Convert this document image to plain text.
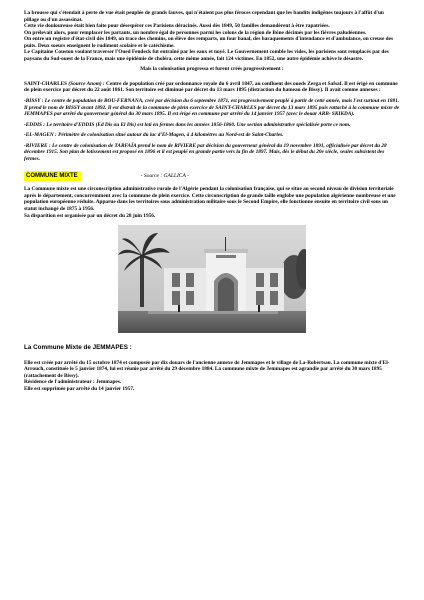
La brousse qui s'étendait à perte de vue était peuplée de grands fauves, qui n'étaient pas plus féroces cependant que les bandits indigènes toujours à l'affût d'un pillage ou d'un assassinat.

Cette vie douloureuse était bien faite pour désespérer ces Parisiens déracinés. Aussi dès 1849, 50 familles demandèrent à être rapatriées.

On prélevait alors, pour remplacer les partants, un nombre égal de personnes parmi les colons de la région de Bône décimés par les fièvres paludéennes.

On entre un registre d'état-civil dès 1849, on trace des chemins, on élève des remparts, un four banal, des baraquements d'intendance et d'ambulance, on creuse des puits. Deux soeurs enseignent le rudiment scolaire et le catéchisme.

Le Capitaine Couston voulant traverser l'Oued Fendeck fut entraîné par les eaux et noyé. Le Gouvernement comble les vides, les parisiens sont remplacés par des paysans du Sud-ouest de la France, mais une épidémie de choléra, cette même année, fait 124 victimes. En 1852, une autre épidémie achève le désastre.

Mais la colonisation progressa et furent créés progressivement :

SAINT-CHARLES (Source Anom) : Centre de population créé par ordonnance royale du 6 avril 1847, au confluent des oueds Zerga et Safsaf. Il est érigé en commune de plein exercice par décret du 22 août 1861. Son territoire est diminué par décret du 13 mars 1895 (distraction du hameau de Bissy). Il avait comme annexes :

-BISSY : Le centre de population de BOU-FERNANA, créé par décision du 6 septembre 1871, est progressivement peuplé à partir de cette année, mais l'est surtout en 1881. Il prend le nom de BISSY avant 1892. Il est distrait de la commune de plein exercice de SAINT-CHARLES par décret du 13 mars 1895 puis rattaché à la commune mixte de JEMMAPES par arrêté du gouverneur général du 30 mars 1895. Il est érigé en commune par arrêté du 14 janvier 1957 (avec le douar ARB- SKIKDA).

-EDDIS : Le territoire d'EDDIS (Ed Dis ou El Dis) est loti en fermes dans les années 1856-1860. Une section administrative spécialisée porte ce nom.

-EL-MAGEN : Périmètre de colonisation situé autour du lac d'El-Magen, à 4 kilomètres au Nord-est de Saint-Charles.

-RIVIERE : Le centre de colonisation de TARFAÏA prend le nom de RIVIERE par décision du gouverneur général du 19 novembre 1891, officialisée par décret du 28 décembre 1915. Son plan de lotissement est proposé en 1896 et il est peuplé en grande partie vers la fin de 1897. Mais, dès le début du 20e siècle, seules subsistent des fermes.

COMMUNE MIXTE	- Source : GALLICA -

La Commune mixte est une circonscription administrative rurale de l'Algérie pendant la colonisation française, qui se situe au second niveau de division territoriale après le département, concurremment avec la commune de plein exercice. Cette circonscription de grande taille englobe une population algérienne nombreuse et une population européenne réduite. Apparue dans les territoires sous administration militaire sous le Second Empire, elle fonctionne ensuite en territoire civil sous un statut inchangé de 1875 à 1956.

Sa disparition est organisée par un décret du 28 juin 1956.

La Commune Mixte de JEMMAPES :

Elle est créée par arrêté du 15 octobre 1874 et composée par dix douars de l'ancienne annexe de Jemmapes et le village de La-Robertsau. La commune mixte d'El-Arrouch, constituée le 5 janvier 1874, lui est réunie par arrêté du 29 décembre 1884. La commune mixte de Jemmapes est agrandie par arrêté du 30 mars 1895 (rattachement de Bissy).

Résidence de l'administrateur : Jemmapes.

Elle est supprimée par arrêté du 14 janvier 1957.
